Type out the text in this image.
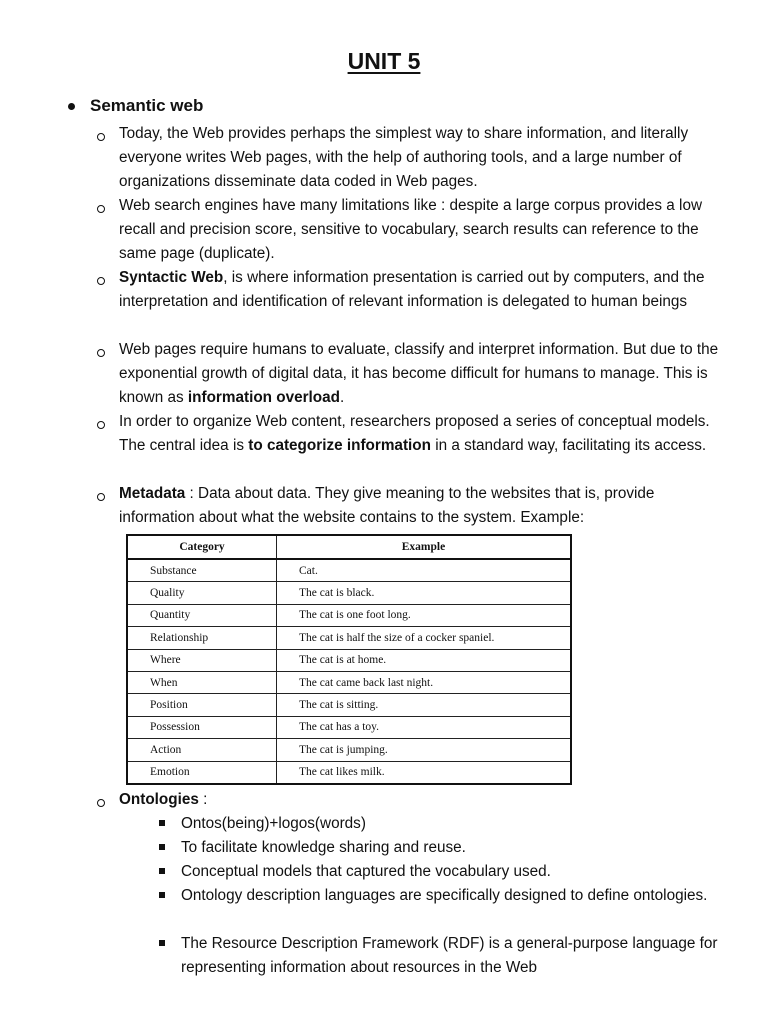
UNIT 5
Semantic web
Today, the Web provides perhaps the simplest way to share information, and literally everyone writes Web pages, with the help of authoring tools, and a large number of organizations disseminate data coded in Web pages.
Web search engines have many limitations like : despite a large corpus provides a low recall and precision score, sensitive to vocabulary, search results can reference to the same page (duplicate).
Syntactic Web, is where information presentation is carried out by computers, and the interpretation and identification of relevant information is delegated to human beings
Web pages require humans to evaluate, classify and interpret information. But due to the exponential growth of digital data, it has become difficult for humans to manage. This is known as information overload.
In order to organize Web content, researchers proposed a series of conceptual models. The central idea is to categorize information in a standard way, facilitating its access.
Metadata : Data about data. They give meaning to the websites that is, provide information about what the website contains to the system. Example:
Category	Example
Substance	Cat.
Quality	The cat is black.
Quantity	The cat is one foot long.
Relationship	The cat is half the size of a cocker spaniel.
Where	The cat is at home.
When	The cat came back last night.
Position	The cat is sitting.
Possession	The cat has a toy.
Action	The cat is jumping.
Emotion	The cat likes milk.
Ontologies :
Ontos(being)+logos(words)
To facilitate knowledge sharing and reuse.
Conceptual models that captured the vocabulary used.
Ontology description languages are specifically designed to define ontologies.
The Resource Description Framework (RDF) is a general-purpose language for representing information about resources in the Web
